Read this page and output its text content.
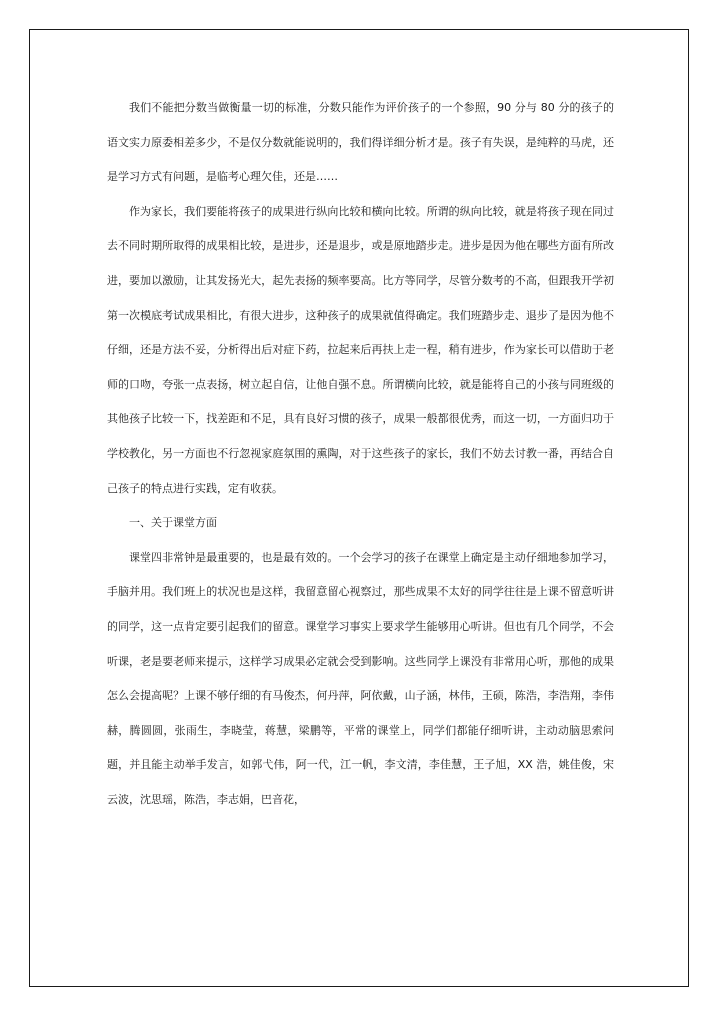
我们不能把分数当做衡量一切的标准，分数只能作为评价孩子的一个参照，90 分与 80 分的孩子的语文实力原委相差多少，不是仅分数就能说明的，我们得详细分析才是。孩子有失误，是纯粹的马虎，还是学习方式有问题，是临考心理欠佳，还是……

作为家长，我们要能将孩子的成果进行纵向比较和横向比较。所谓的纵向比较，就是将孩子现在同过去不同时期所取得的成果相比较，是进步，还是退步，或是原地踏步走。进步是因为他在哪些方面有所改进，要加以激励，让其发扬光大，起先表扬的频率要高。比方等同学，尽管分数考的不高，但跟我开学初第一次模底考试成果相比，有很大进步，这种孩子的成果就值得确定。我们班踏步走、退步了是因为他不仔细，还是方法不妥，分析得出后对症下药，拉起来后再扶上走一程，稍有进步，作为家长可以借助于老师的口吻，夸张一点表扬，树立起自信，让他自强不息。所谓横向比较，就是能将自己的小孩与同班级的其他孩子比较一下，找差距和不足，具有良好习惯的孩子，成果一般都很优秀，而这一切，一方面归功于学校教化，另一方面也不行忽视家庭氛围的熏陶，对于这些孩子的家长，我们不妨去讨教一番，再结合自己孩子的特点进行实践，定有收获。

一、关于课堂方面

课堂四非常钟是最重要的，也是最有效的。一个会学习的孩子在课堂上确定是主动仔细地参加学习，手脑并用。我们班上的状况也是这样，我留意留心视察过，那些成果不太好的同学往往是上课不留意听讲的同学，这一点肯定要引起我们的留意。课堂学习事实上要求学生能够用心听讲。但也有几个同学，不会听课，老是要老师来提示，这样学习成果必定就会受到影响。这些同学上课没有非常用心听，那他的成果怎么会提高呢？上课不够仔细的有马俊杰，何丹萍，阿依戴，山子涵，林伟，王硕，陈浩，李浩翔，李伟赫，腾圆圆，张雨生，李晓莹，蒋慧，梁鹏等，平常的课堂上，同学们都能仔细听讲，主动动脑思索问题，并且能主动举手发言，如郭弋伟，阿一代，江一帆，李文清，李佳慧，王子旭，XX 浩，姚佳俊，宋云波，沈思瑶，陈浩，李志娟，巴音花，
